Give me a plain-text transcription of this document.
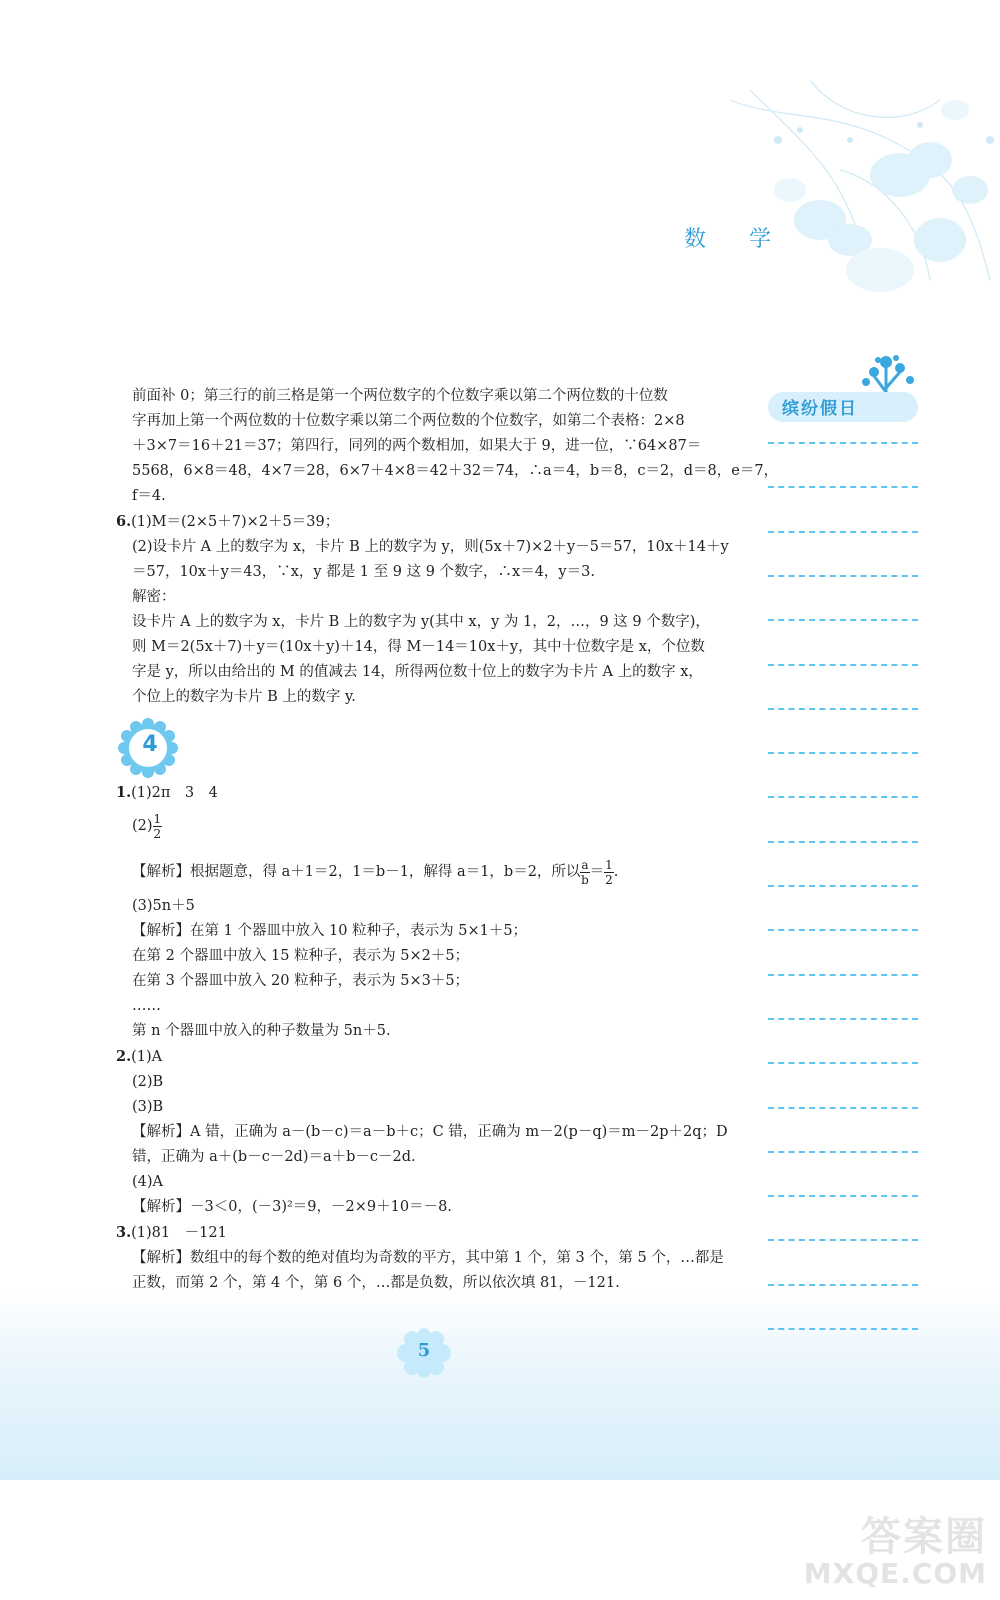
数 学
缤纷假日

前面补 0；第三行的前三格是第一个两位数字的个位数字乘以第二个两位数的十位数

字再加上第一个两位数的十位数字乘以第二个两位数的个位数字，如第二个表格：2×8

＋3×7＝16＋21＝37；第四行，同列的两个数相加，如果大于 9，进一位，∵64×87＝

5568，6×8＝48，4×7＝28，6×7＋4×8＝42＋32＝74，∴a＝4，b＝8，c＝2，d＝8，e＝7，

f＝4.

6.(1)M＝(2×5＋7)×2＋5＝39；

(2)设卡片 A 上的数字为 x，卡片 B 上的数字为 y，则(5x＋7)×2＋y－5＝57，10x＋14＋y

＝57，10x＋y＝43，∵x，y 都是 1 至 9 这 9 个数字，∴x＝4，y＝3.

解密：

设卡片 A 上的数字为 x，卡片 B 上的数字为 y(其中 x，y 为 1，2，…，9 这 9 个数字)，

则 M＝2(5x＋7)＋y＝(10x＋y)＋14，得 M－14＝10x＋y，其中十位数字是 x，个位数

字是 y，所以由给出的 M 的值减去 14，所得两位数十位上的数字为卡片 A 上的数字 x，

个位上的数字为卡片 B 上的数字 y.

4

1.(1)2π　3　4

$(2) \frac{1}{2}$

【解析】根据题意，得 a＋1＝2，1＝b－1，解得 a＝1，b＝2，所以 $\frac{a}{b} = \frac{1}{2}$ .

(3)5n＋5

【解析】在第 1 个器皿中放入 10 粒种子，表示为 5×1＋5；

在第 2 个器皿中放入 15 粒种子，表示为 5×2＋5；

在第 3 个器皿中放入 20 粒种子，表示为 5×3＋5；

……

第 n 个器皿中放入的种子数量为 5n＋5.

2.(1)A

(2)B

(3)B

【解析】A 错，正确为 a－(b－c)＝a－b＋c；C 错，正确为 m－2(p－q)＝m－2p＋2q；D

错，正确为 a＋(b－c－2d)＝a＋b－c－2d.

(4)A

【解析】－3＜0，(－3)²＝9，－2×9＋10＝－8.

3.(1)81　－121

【解析】数组中的每个数的绝对值均为奇数的平方，其中第 1 个，第 3 个，第 5 个，…都是

正数，而第 2 个，第 4 个，第 6 个，…都是负数，所以依次填 81，－121.

5
答案圈
MXQE.COM
